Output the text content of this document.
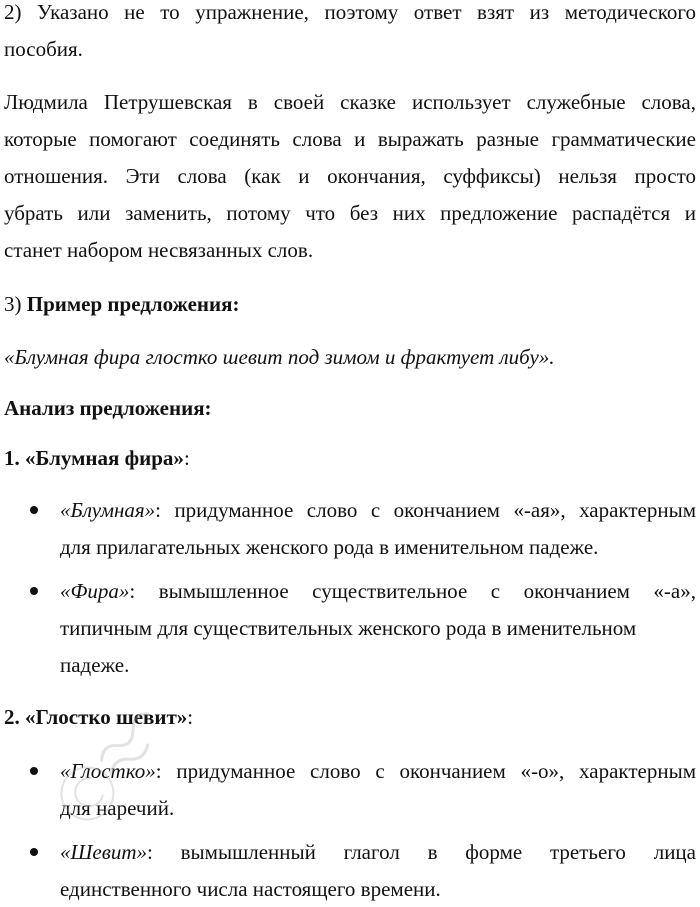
2) Указано не то упражнение, поэтому ответ взят из методического
пособия.
Людмила Петрушевская в своей сказке использует служебные слова,
которые помогают соединять слова и выражать разные грамматические
отношения. Эти слова (как и окончания, суффиксы) нельзя просто
убрать или заменить, потому что без них предложение распадётся и
станет набором несвязанных слов.
3) Пример предложения:
«Блумная фира глостко шевит под зимом и фрактует либу».
Анализ предложения:
1. «Блумная фира»:
«Блумная»: придуманное слово с окончанием «-ая», характерным
для прилагательных женского рода в именительном падеже.
«Фира»: вымышленное существительное с окончанием «-а»,
типичным для существительных женского рода в именительном
падеже.
2. «Глостко шевит»:
«Глостко»: придуманное слово с окончанием «-о», характерным
для наречий.
«Шевит»: вымышленный глагол в форме третьего лица
единственного числа настоящего времени.
